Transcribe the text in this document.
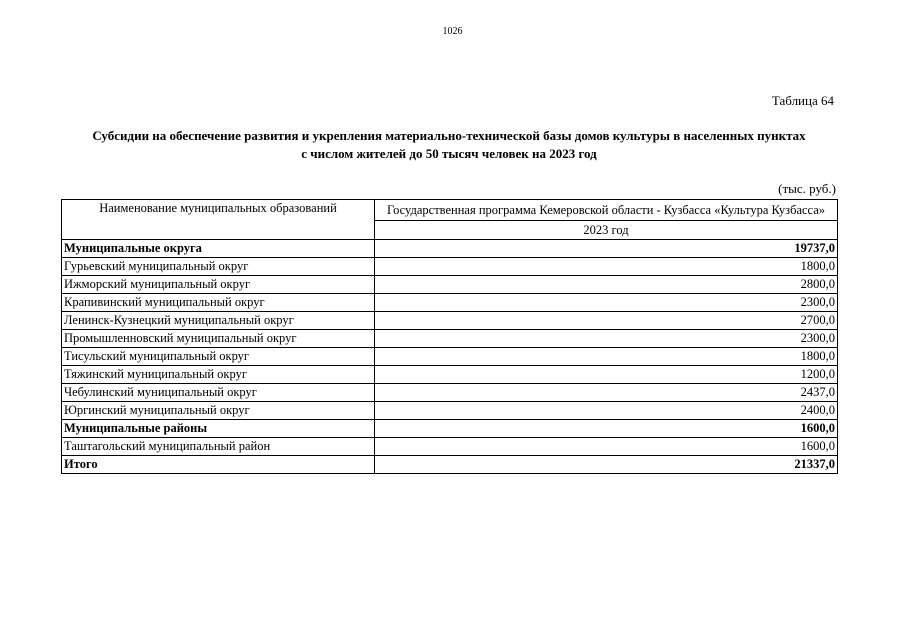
1026
Таблица 64
Субсидии на обеспечение развития и укрепления материально-технической базы домов культуры в населенных пунктах
с числом жителей до 50 тысяч человек на 2023 год
(тыс. руб.)
Наименование муниципальных образований	Государственная программа Кемеровской области - Кузбасса «Культура Кузбасса»
	2023 год
Муниципальные округа	19737,0
Гурьевский муниципальный округ	1800,0
Ижморский муниципальный округ	2800,0
Крапивинский муниципальный округ	2300,0
Ленинск-Кузнецкий муниципальный округ	2700,0
Промышленновский муниципальный округ	2300,0
Тисульский муниципальный округ	1800,0
Тяжинский муниципальный округ	1200,0
Чебулинский муниципальный округ	2437,0
Юргинский муниципальный округ	2400,0
Муниципальные районы	1600,0
Таштагольский муниципальный район	1600,0
Итого	21337,0
